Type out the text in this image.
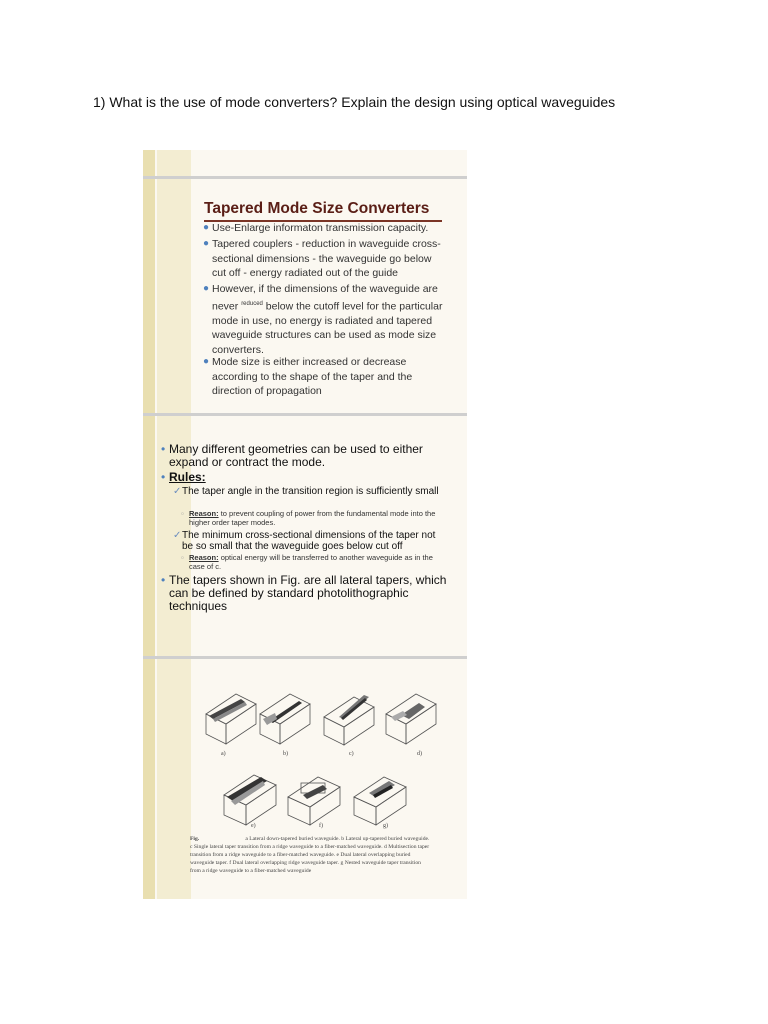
1) What is the use of mode converters? Explain the design using optical waveguides
Tapered Mode Size Converters
● Use-Enlarge informaton transmission capacity.
● Tapered couplers - reduction in waveguide cross-sectional dimensions - the waveguide go below cut off - energy radiated out of the guide
● However, if the dimensions of the waveguide are never $^{reduced}$ below the cutoff level for the particular mode in use, no energy is radiated and tapered waveguide structures can be used as mode size converters.
● Mode size is either increased or decrease according to the shape of the taper and the direction of propagation
• Many different geometries can be used to either expand or contract the mode.
• Rules:
✓ The taper angle in the transition region is sufficiently small
▫ Reason: to prevent coupling of power from the fundamental mode into the higher order taper modes.
✓ The minimum cross-sectional dimensions of the taper not be so small that the waveguide goes below cut off
▫ Reason: optical energy will be transferred to another waveguide as in the case of c.
• The tapers shown in Fig. are all lateral tapers, which can be defined by standard photolithographic techniques
a)	b)	c)	d)
e)	f)	g)
Fig.	a Lateral down-tapered buried waveguide. b Lateral up-tapered buried waveguide. c Single lateral taper transition from a ridge waveguide to a fiber-matched waveguide. d Multisection taper transition from a ridge waveguide to a fiber-matched waveguide. e Dual lateral overlapping buried waveguide taper. f Dual lateral overlapping ridge waveguide taper. g Nested waveguide taper transition from a ridge waveguide to a fiber-matched waveguide
